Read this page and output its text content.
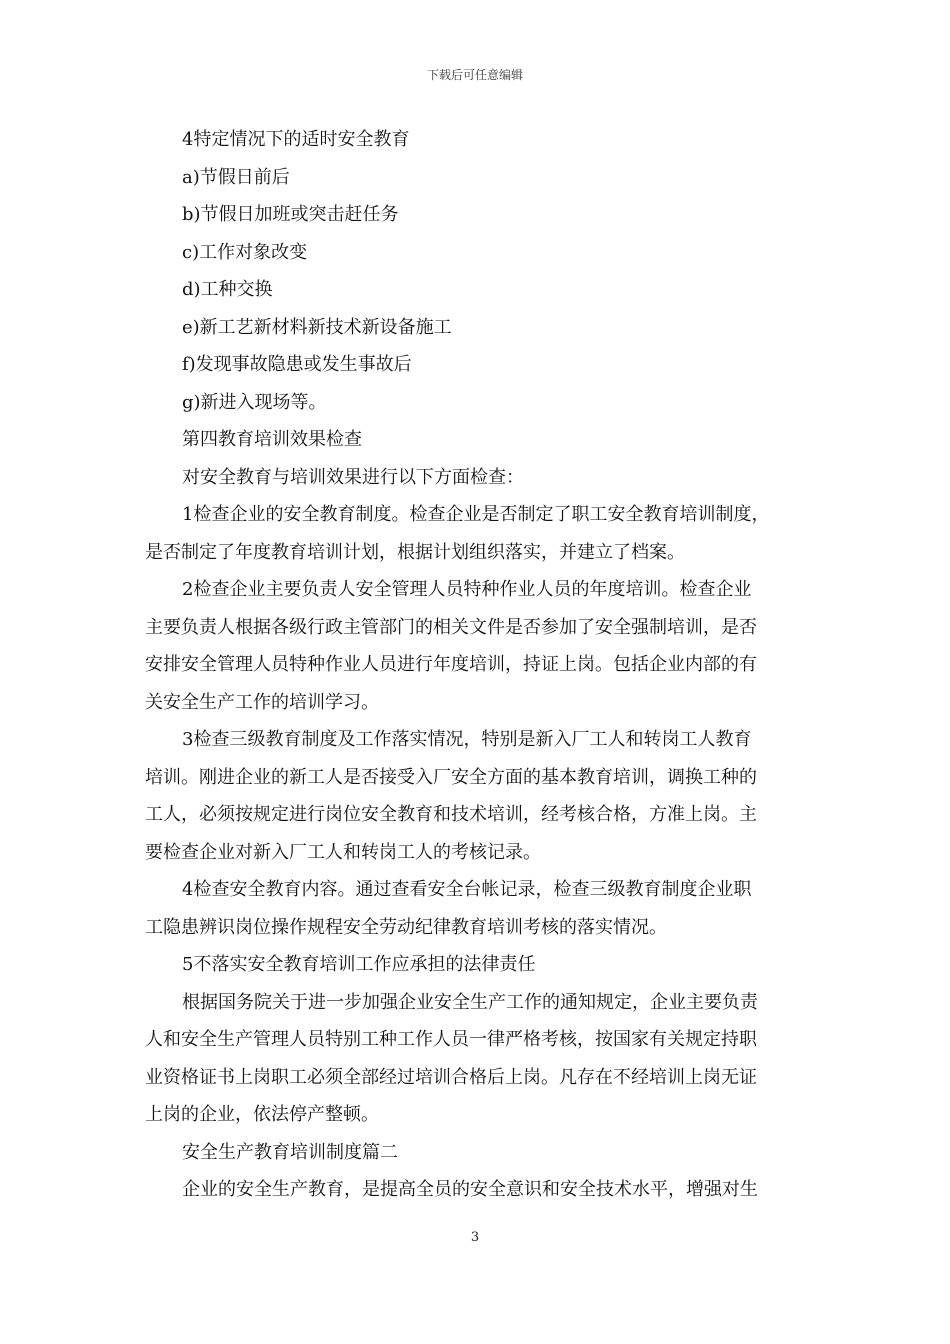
下载后可任意编辑

4特定情况下的适时安全教育

a)节假日前后

b)节假日加班或突击赶任务

c)工作对象改变

d)工种交换

e)新工艺新材料新技术新设备施工

f)发现事故隐患或发生事故后

g)新进入现场等。

第四教育培训效果检查

对安全教育与培训效果进行以下方面检查：

1检查企业的安全教育制度。检查企业是否制定了职工安全教育培训制度，

是否制定了年度教育培训计划，根据计划组织落实，并建立了档案。

2检查企业主要负责人安全管理人员特种作业人员的年度培训。检查企业

主要负责人根据各级行政主管部门的相关文件是否参加了安全强制培训，是否

安排安全管理人员特种作业人员进行年度培训，持证上岗。包括企业内部的有

关安全生产工作的培训学习。

3检查三级教育制度及工作落实情况，特别是新入厂工人和转岗工人教育

培训。刚进企业的新工人是否接受入厂安全方面的基本教育培训，调换工种的

工人，必须按规定进行岗位安全教育和技术培训，经考核合格，方准上岗。主

要检查企业对新入厂工人和转岗工人的考核记录。

4检查安全教育内容。通过查看安全台帐记录，检查三级教育制度企业职

工隐患辨识岗位操作规程安全劳动纪律教育培训考核的落实情况。

5不落实安全教育培训工作应承担的法律责任

根据国务院关于进一步加强企业安全生产工作的通知规定，企业主要负责

人和安全生产管理人员特别工种工作人员一律严格考核，按国家有关规定持职

业资格证书上岗职工必须全部经过培训合格后上岗。凡存在不经培训上岗无证

上岗的企业，依法停产整顿。

安全生产教育培训制度篇二

企业的安全生产教育，是提高全员的安全意识和安全技术水平，增强对生

3
